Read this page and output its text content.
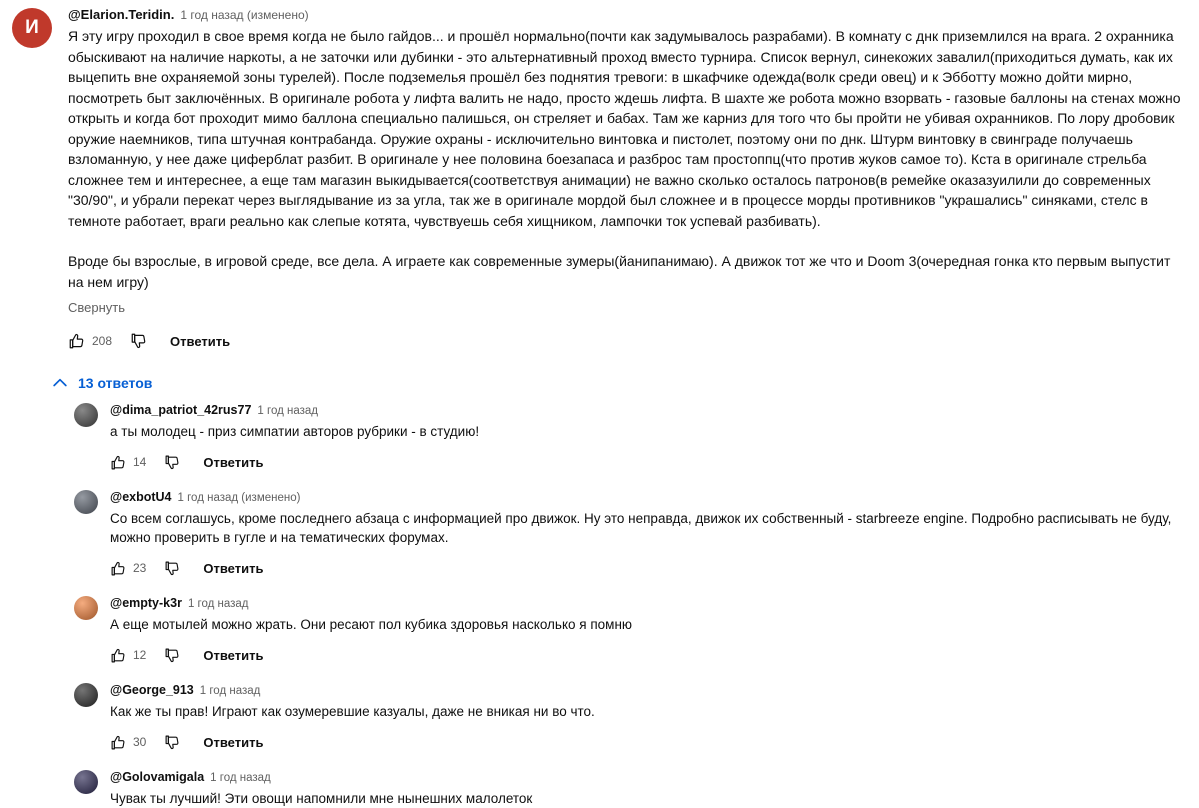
И
@Elarion.Teridin. 1 год назад (изменено)
Я эту игру проходил в свое время когда не было гайдов... и прошёл нормально(почти как задумывалось разрабами). В комнату с днк приземлился на врага. 2 охранника обыскивают на наличие наркоты, а не заточки или дубинки - это альтернативный проход вместо турнира. Список вернул, синекожих завалил(приходиться думать, как их выцепить вне охраняемой зоны турелей). После подземелья прошёл без поднятия тревоги: в шкафчике одежда(волк среди овец) и к Эбботту можно дойти мирно, посмотреть быт заключённых. В оригинале робота у лифта валить не надо, просто ждешь лифта. В шахте же робота можно взорвать - газовые баллоны на стенах можно открыть и когда бот проходит мимо баллона специально палишься, он стреляет и бабах. Там же карниз для того что бы пройти не убивая охранников. По лору дробовик оружие наемников, типа штучная контрабанда. Оружие охраны - исключительно винтовка и пистолет, поэтому они по днк. Штурм винтовку в свинграде получаешь взломанную, у нее даже циферблат разбит. В оригинале у нее половина боезапаса и разброс там простоппц(что против жуков самое то). Кста в оригинале стрельба сложнее тем и интереснее, а еще там магазин выкидывается(соответствуя анимации) не важно сколько осталось патронов(в ремейке оказазуилили до современных "30/90", и убрали перекат через выглядывание из за угла, так же в оригинале мордой был сложнее и в процессе морды противников "украшались" синяками, стелс в темноте работает, враги реально как слепые котята, чувствуешь себя хищником, лампочки ток успевай разбивать).
Вроде бы взрослые, в игровой среде, все дела. А играете как современные зумеры(йанипанимаю). А движок тот же что и Doom 3(очередная гонка кто первым выпустит на нем игру)
Свернуть
208	Ответить
13 ответов
@dima_patriot_42rus77 1 год назад
а ты молодец - приз симпатии авторов рубрики - в студию!
14	Ответить
@exbotU4 1 год назад (изменено)
Со всем соглашусь, кроме последнего абзаца с информацией про движок. Ну это неправда, движок их собственный - starbreeze engine. Подробно расписывать не буду, можно проверить в гугле и на тематических форумах.
23	Ответить
@empty-k3r 1 год назад
А еще мотылей можно жрать. Они ресают пол кубика здоровья насколько я помню
12	Ответить
@George_913 1 год назад
Как же ты прав! Играют как озумеревшие казуалы, даже не вникая ни во что.
30	Ответить
@Golovamigala 1 год назад
Чувак ты лучший! Эти овощи напомнили мне нынешних малолеток
